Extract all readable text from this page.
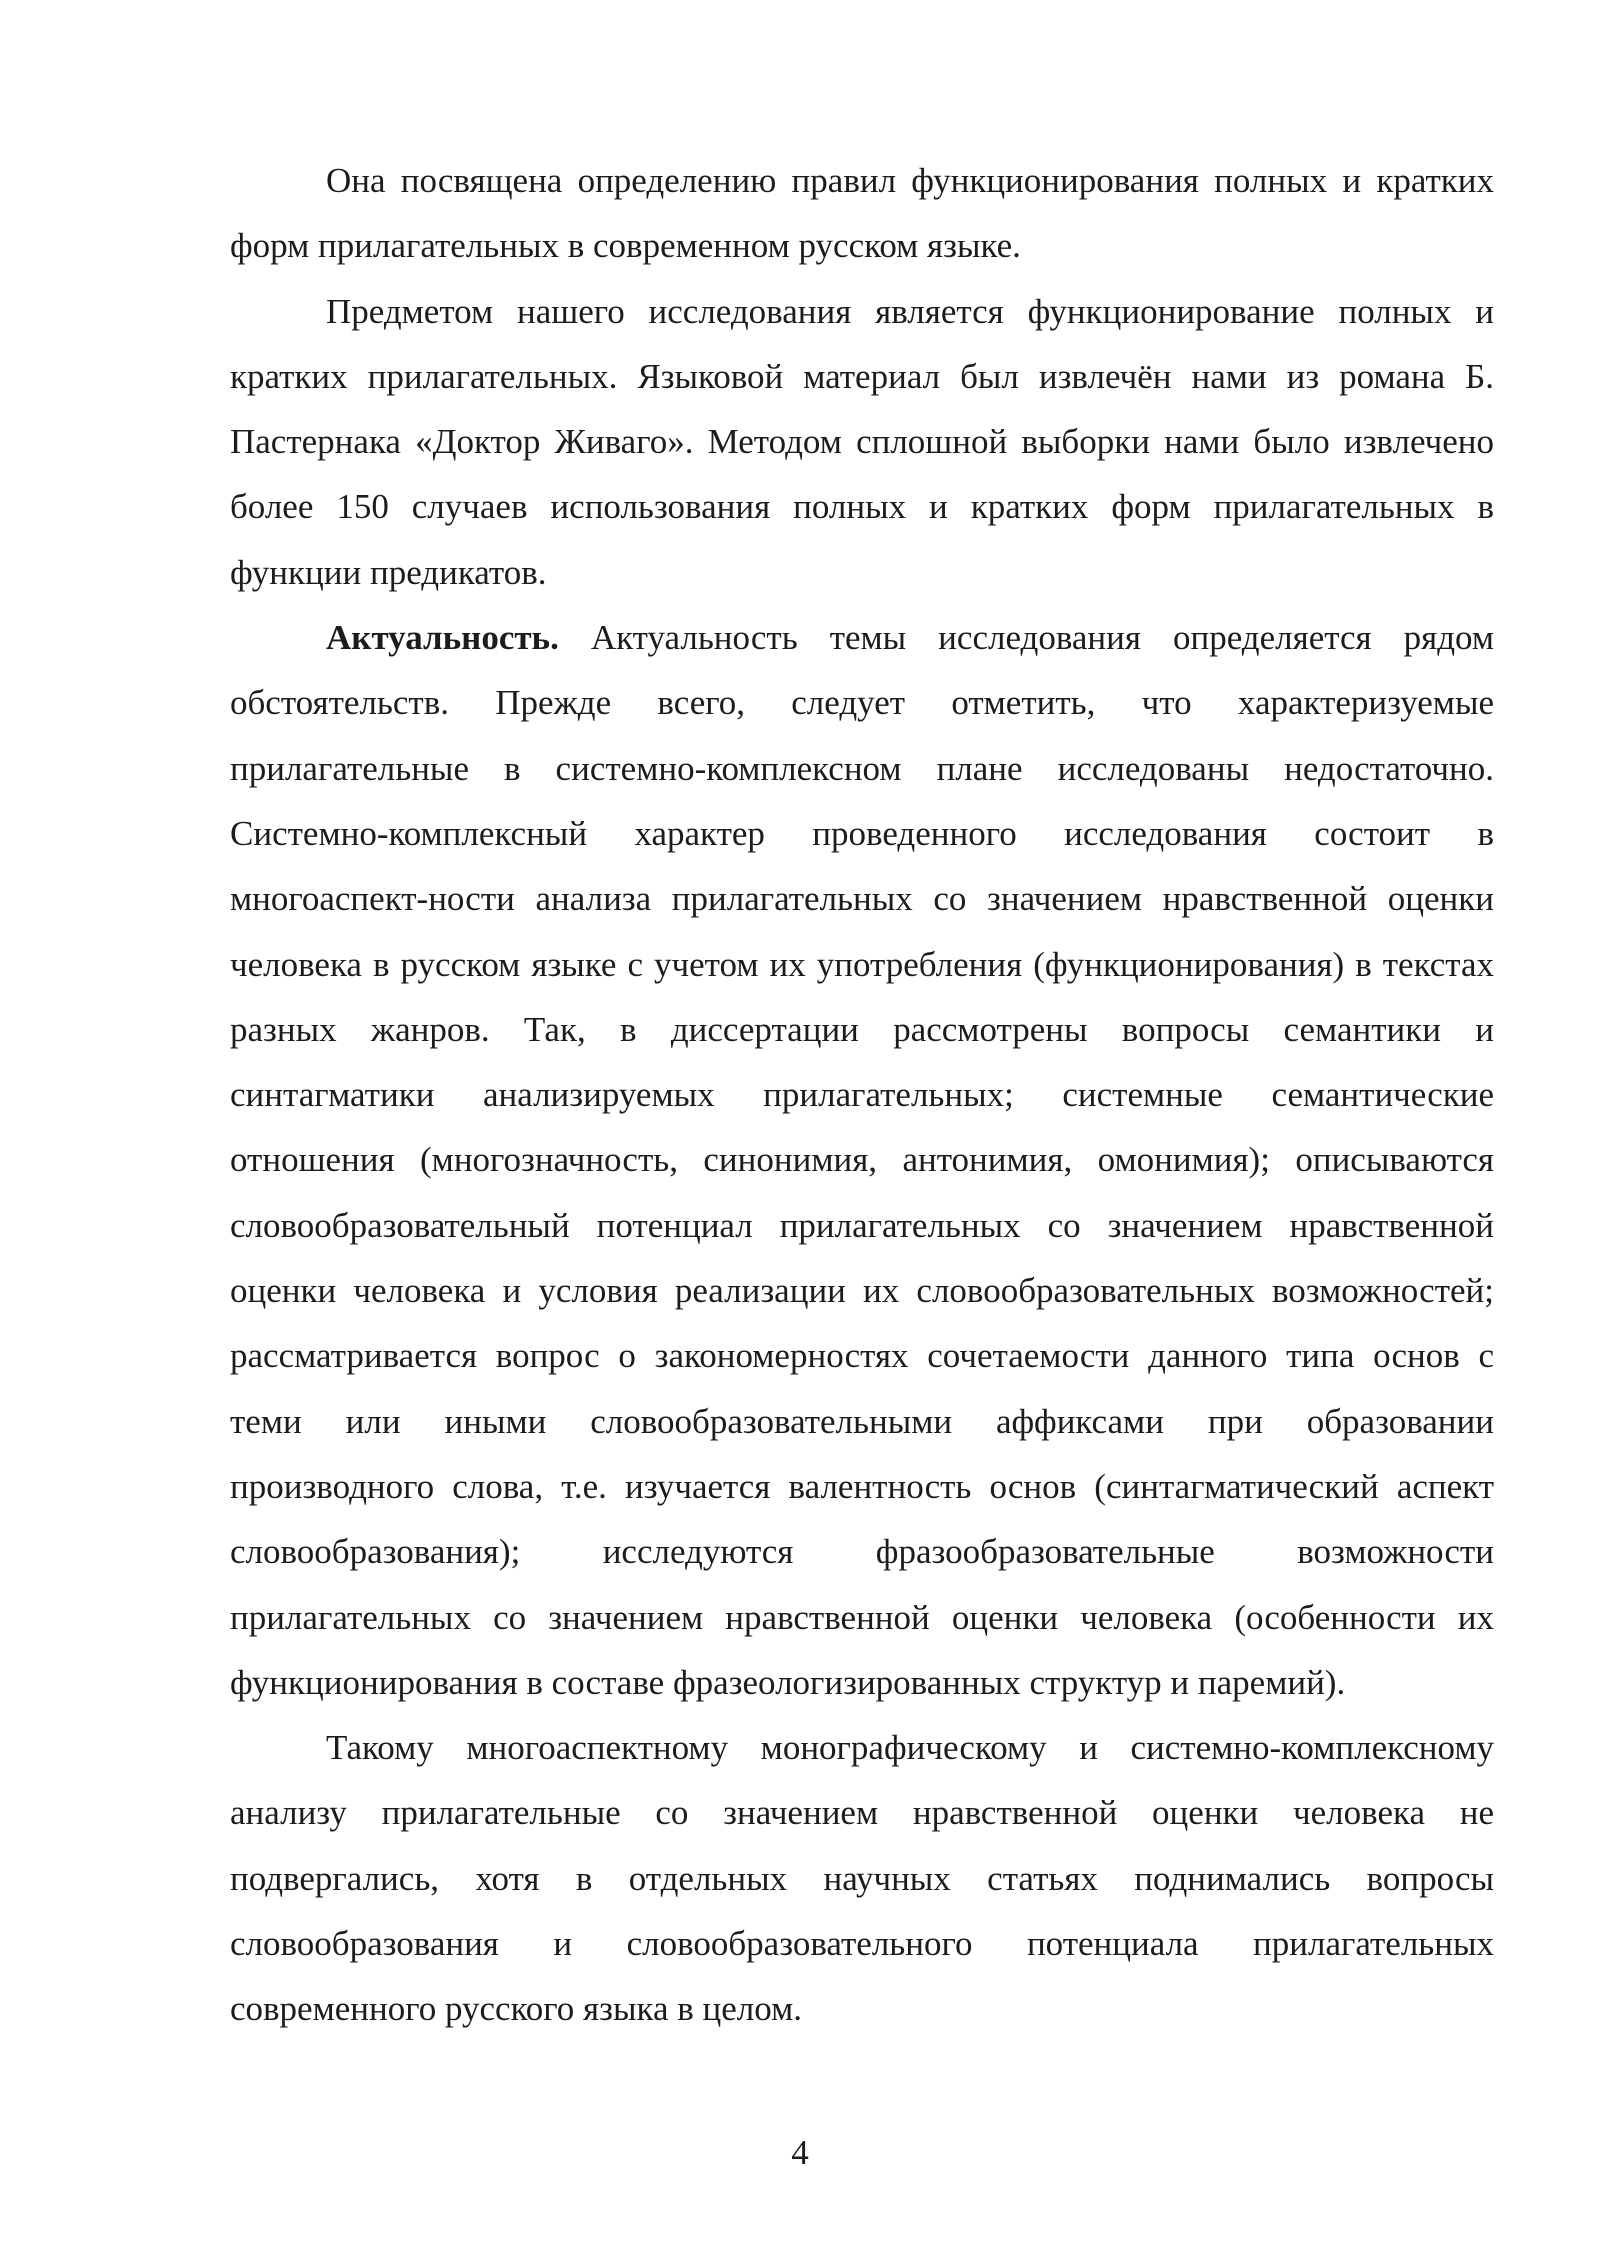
Она посвящена определению правил функционирования полных и кратких форм прилагательных в современном русском языке.

Предметом нашего исследования является функционирование полных и кратких прилагательных. Языковой материал был извлечён нами из романа Б. Пастернака «Доктор Живаго». Методом сплошной выборки нами было извлечено более 150 случаев использования полных и кратких форм прилагательных в функции предикатов.

Актуальность. Актуальность темы исследования определяется рядом обстоятельств. Прежде всего, следует отметить, что характеризуемые прилагательные в системно-комплексном плане исследованы недостаточно. Системно-комплексный характер проведенного исследования состоит в многоаспект-ности анализа прилагательных со значением нравственной оценки человека в русском языке с учетом их употребления (функционирования) в текстах разных жанров. Так, в диссертации рассмотрены вопросы семантики и синтагматики анализируемых прилагательных; системные семантические отношения (многозначность, синонимия, антонимия, омонимия); описываются словообразовательный потенциал прилагательных со значением нравственной оценки человека и условия реализации их словообразовательных возможностей; рассматривается вопрос о закономерностях сочетаемости данного типа основ с теми или иными словообразовательными аффиксами при образовании производного слова, т.е. изучается валентность основ (синтагматический аспект словообразования); исследуются фразообразовательные возможности прилагательных со значением нравственной оценки человека (особенности их функционирования в составе фразеологизированных структур и паремий).

Такому многоаспектному монографическому и системно-комплексному анализу прилагательные со значением нравственной оценки человека не подвергались, хотя в отдельных научных статьях поднимались вопросы словообразования и словообразовательного потенциала прилагательных современного русского языка в целом.

4
